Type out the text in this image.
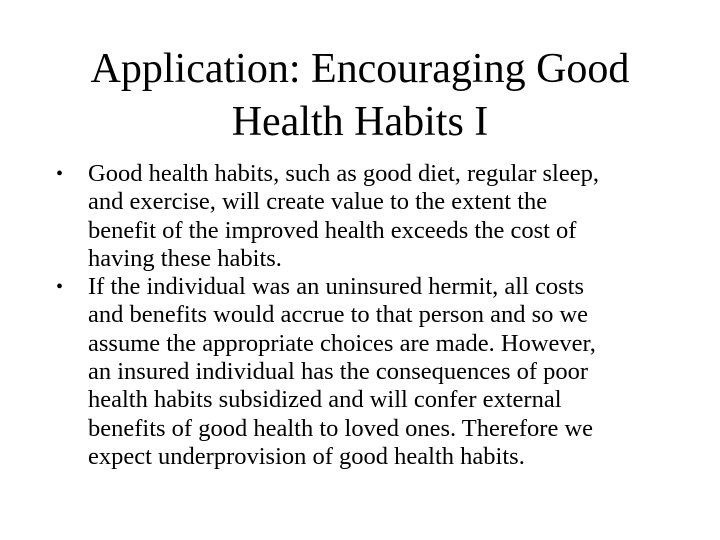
Application: Encouraging Good
Health Habits I
• Good health habits, such as good diet, regular sleep,
and exercise, will create value to the extent the
benefit of the improved health exceeds the cost of
having these habits.
• If the individual was an uninsured hermit, all costs
and benefits would accrue to that person and so we
assume the appropriate choices are made. However,
an insured individual has the consequences of poor
health habits subsidized and will confer external
benefits of good health to loved ones. Therefore we
expect underprovision of good health habits.
